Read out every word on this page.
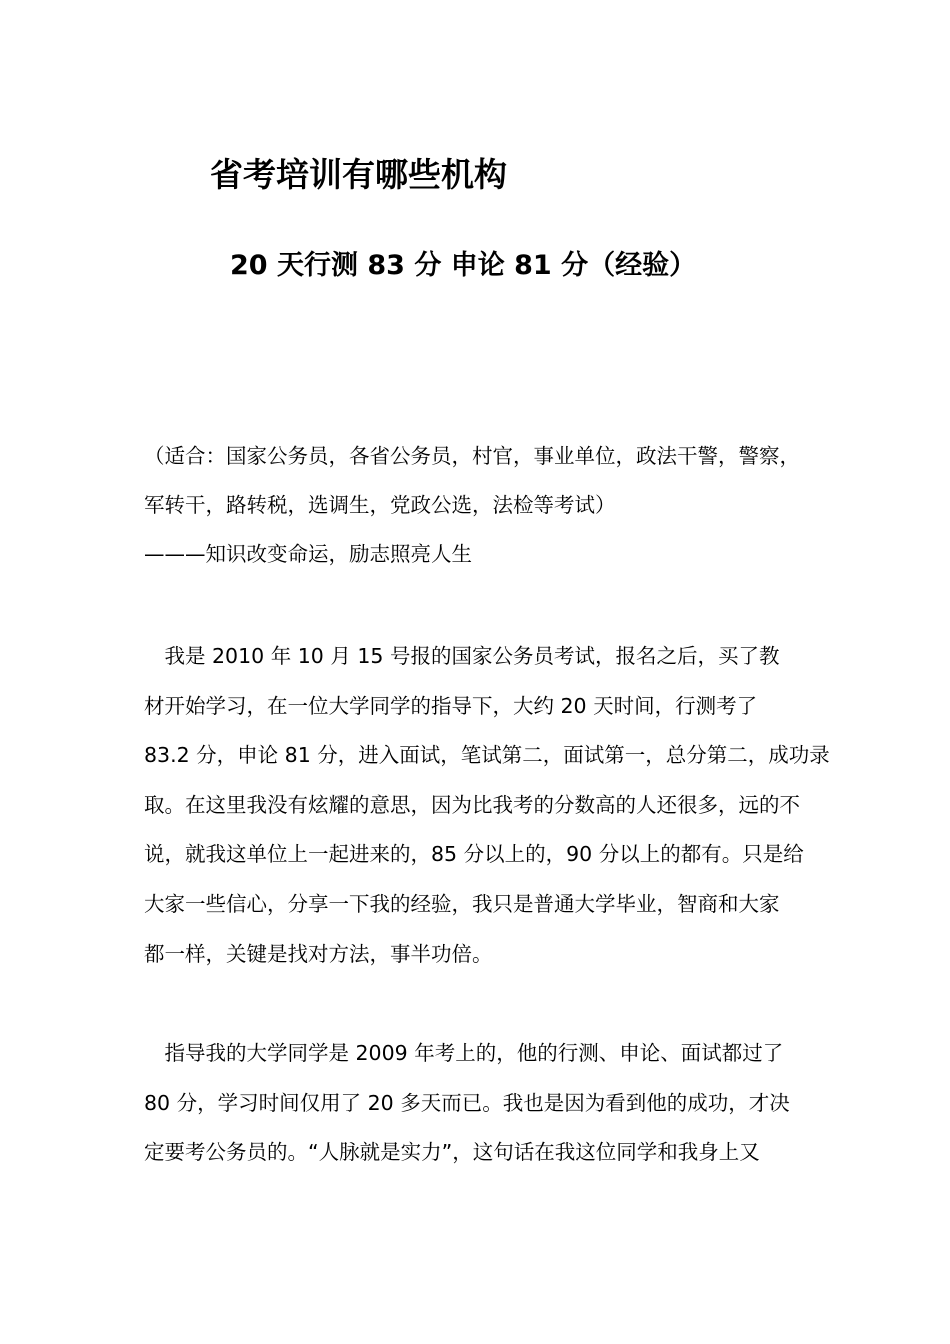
省考培训有哪些机构
20 天行测 83 分 申论 81 分（经验）

（适合：国家公务员，各省公务员，村官，事业单位，政法干警，警察，

军转干，路转税，选调生，党政公选，法检等考试）

———知识改变命运，励志照亮人生

　我是 2010 年 10 月 15 号报的国家公务员考试，报名之后，买了教

材开始学习，在一位大学同学的指导下，大约 20 天时间，行测考了

83.2 分，申论 81 分，进入面试，笔试第二，面试第一，总分第二，成功录

取。在这里我没有炫耀的意思，因为比我考的分数高的人还很多，远的不

说，就我这单位上一起进来的，85 分以上的，90 分以上的都有。只是给

大家一些信心，分享一下我的经验，我只是普通大学毕业，智商和大家

都一样，关键是找对方法，事半功倍。

　指导我的大学同学是 2009 年考上的，他的行测、申论、面试都过了

80 分，学习时间仅用了 20 多天而已。我也是因为看到他的成功，才决

定要考公务员的。“人脉就是实力”，这句话在我这位同学和我身上又
